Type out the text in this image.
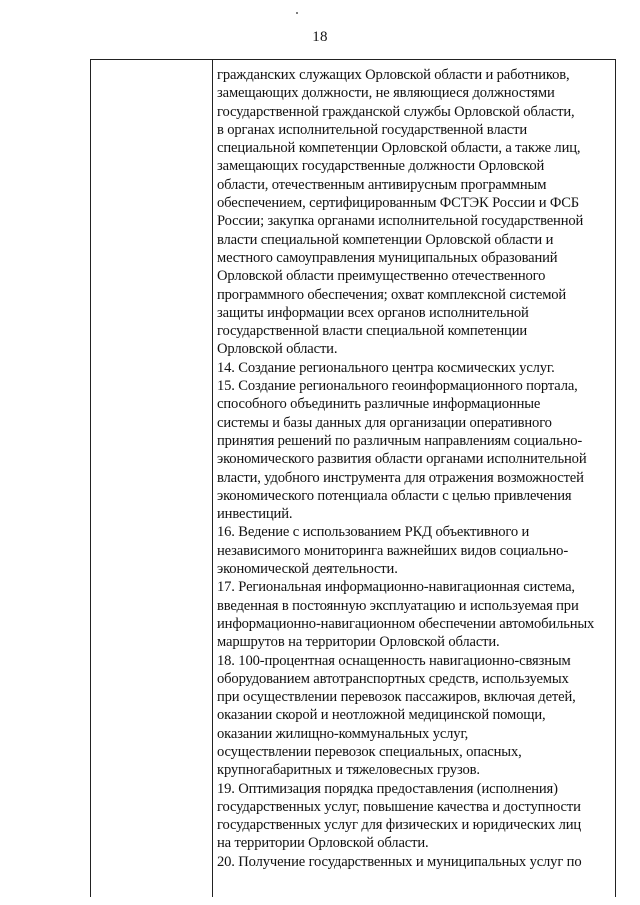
18
гражданских служащих Орловской области и работников,
замещающих должности, не являющиеся должностями
государственной гражданской службы Орловской области,
в органах исполнительной государственной власти
специальной компетенции Орловской области, а также лиц,
замещающих государственные должности Орловской
области, отечественным антивирусным программным
обеспечением, сертифицированным ФСТЭК России и ФСБ
России; закупка органами исполнительной государственной
власти специальной компетенции Орловской области и
местного самоуправления муниципальных образований
Орловской области преимущественно отечественного
программного обеспечения; охват комплексной системой
защиты информации всех органов исполнительной
государственной власти специальной компетенции
Орловской области.
14. Создание регионального центра космических услуг.
15. Создание регионального геоинформационного портала,
способного объединить различные информационные
системы и базы данных для организации оперативного
принятия решений по различным направлениям социально-
экономического развития области органами исполнительной
власти, удобного инструмента для отражения возможностей
экономического потенциала области с целью привлечения
инвестиций.
16. Ведение с использованием РКД объективного и
независимого мониторинга важнейших видов социально-
экономической деятельности.
17. Региональная информационно-навигационная система,
введенная в постоянную эксплуатацию и используемая при
информационно-навигационном обеспечении автомобильных
маршрутов на территории Орловской области.
18. 100-процентная оснащенность навигационно-связным
оборудованием автотранспортных средств, используемых
при осуществлении перевозок пассажиров, включая детей,
оказании скорой и неотложной медицинской помощи,
оказании жилищно-коммунальных услуг,
осуществлении перевозок специальных, опасных,
крупногабаритных и тяжеловесных грузов.
19. Оптимизация порядка предоставления (исполнения)
государственных услуг, повышение качества и доступности
государственных услуг для физических и юридических лиц
на территории Орловской области.
20. Получение государственных и муниципальных услуг по
